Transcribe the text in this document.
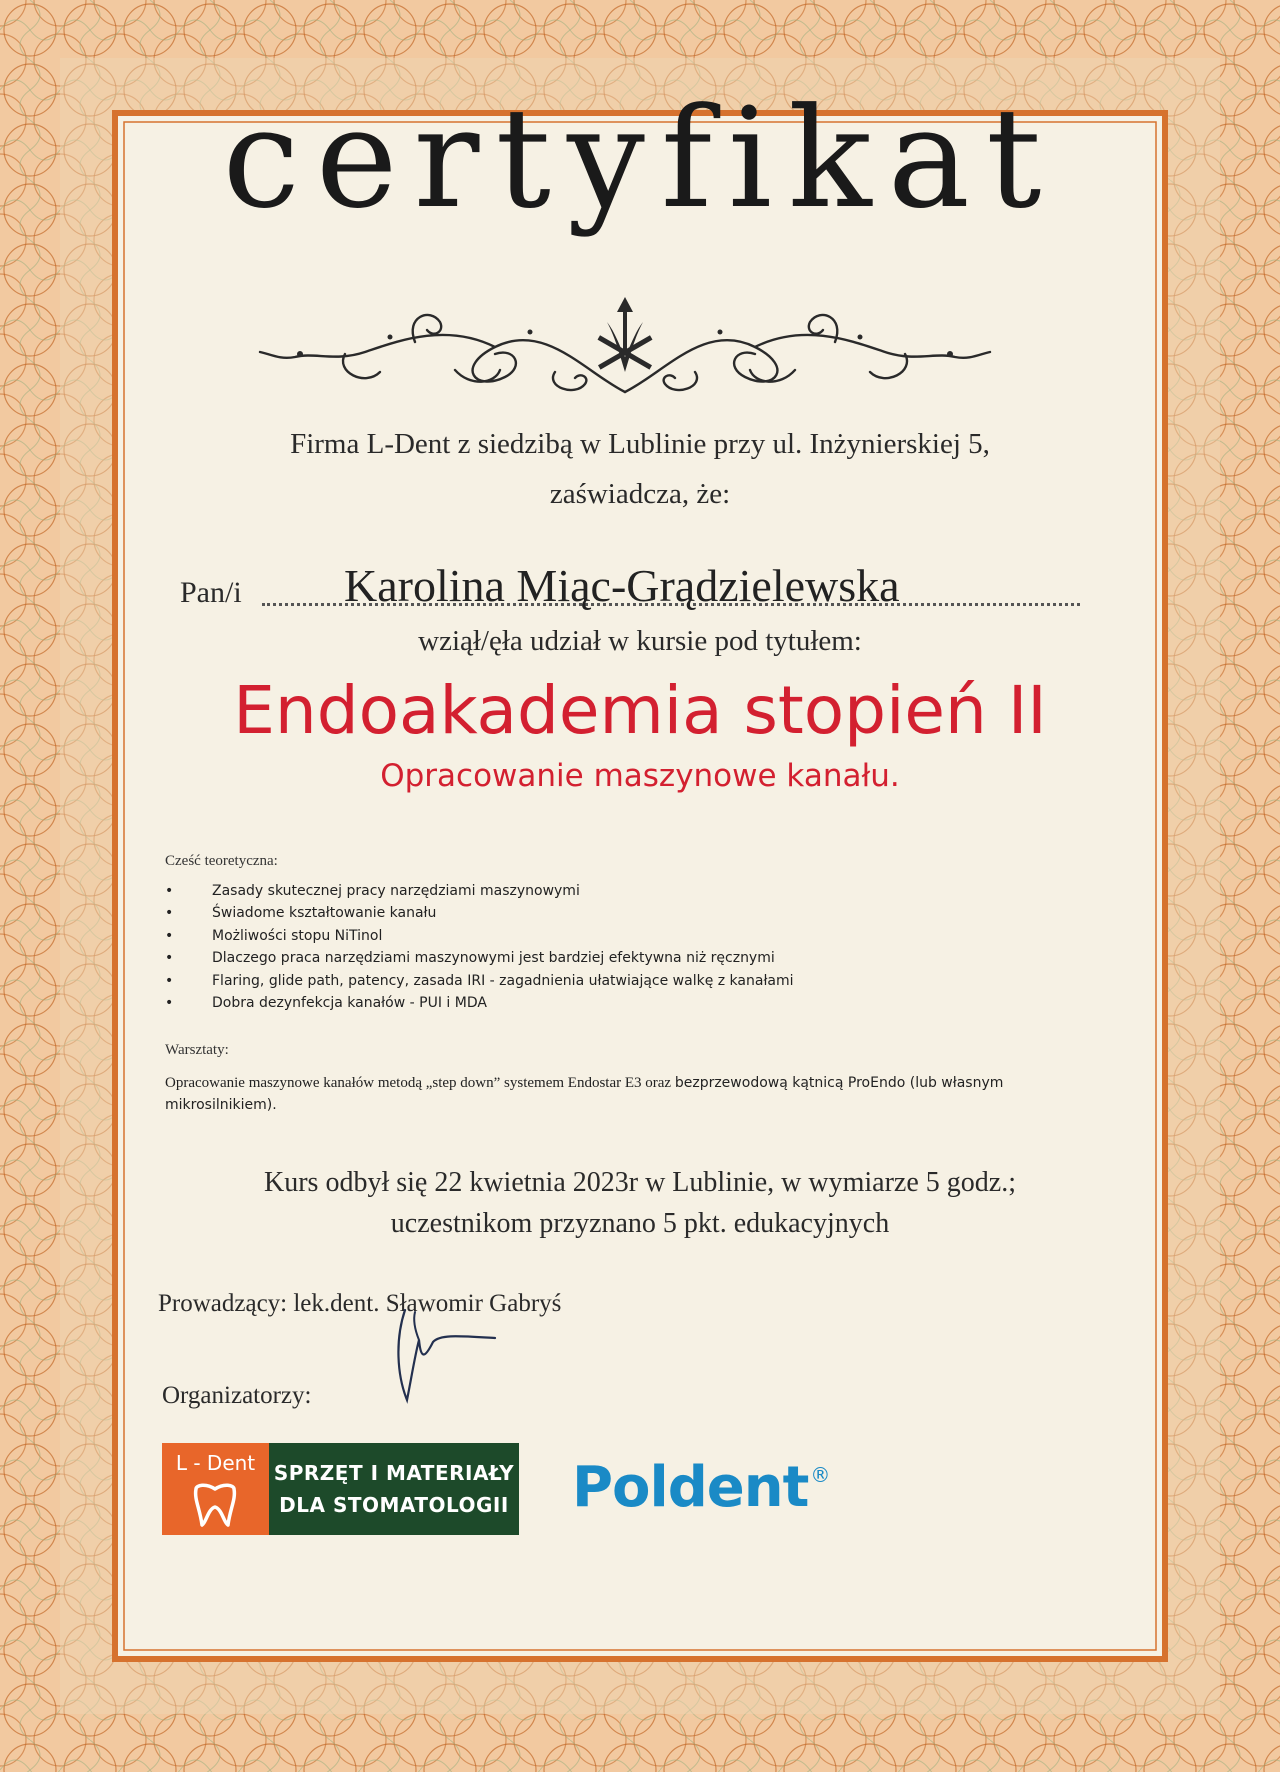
certyfikat
Firma L-Dent z siedzibą w Lublinie przy ul. Inżynierskiej 5,
zaświadcza, że:
Pan/i Karolina Miąc-Grądzielewska
wziął/ęła udział w kursie pod tytułem:
Endoakademia stopień II
Opracowanie maszynowe kanału.
Cześć teoretyczna:
•	Zasady skutecznej pracy narzędziami maszynowymi
•	Świadome kształtowanie kanału
•	Możliwości stopu NiTinol
•	Dlaczego praca narzędziami maszynowymi jest bardziej efektywna niż ręcznymi
•	Flaring, glide path, patency, zasada IRI - zagadnienia ułatwiające walkę z kanałami
•	Dobra dezynfekcja kanałów - PUI i MDA
Warsztaty:
Opracowanie maszynowe kanałów metodą „step down” systemem Endostar E3 oraz bezprzewodową kątnicą ProEndo (lub własnym mikrosilnikiem).
Kurs odbył się 22 kwietnia 2023r w Lublinie, w wymiarze 5 godz.;
uczestnikom przyznano 5 pkt. edukacyjnych
Prowadzący: lek.dent. Sławomir Gabryś
Organizatorzy:
L - Dent SPRZĘT I MATERIAŁY
DLA STOMATOLOGII Poldent ®
